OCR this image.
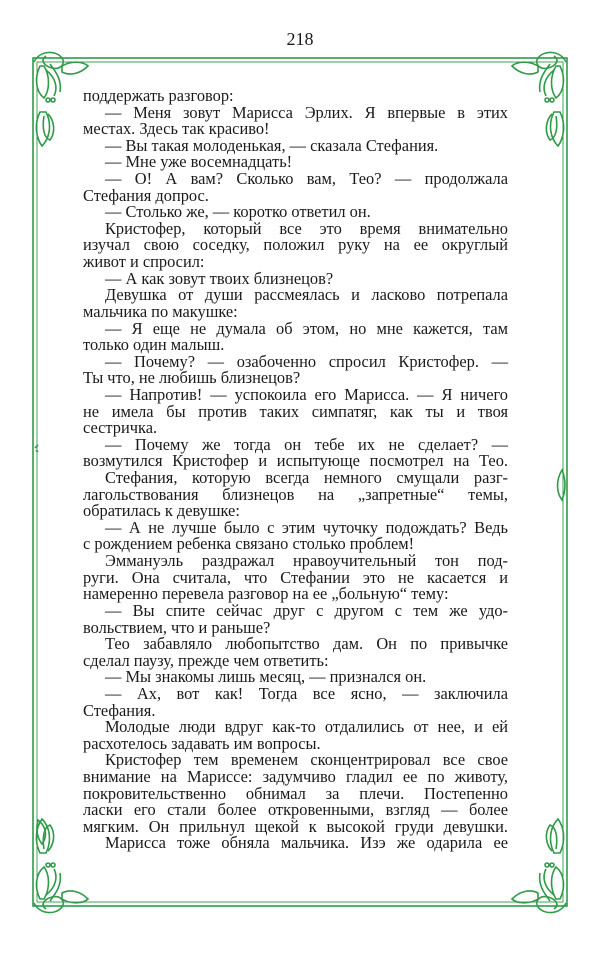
218
поддержать разговор:
— Меня зовут Марисса Эрлих. Я впервые в этих
местах. Здесь так красиво!
— Вы такая молоденькая, — сказала Стефания.
— Мне уже восемнадцать!
— О! А вам? Сколько вам, Тео? — продолжала
Стефания допрос.
— Столько же, — коротко ответил он.
Кристофер, который все это время внимательно
изучал свою соседку, положил руку на ее округлый
живот и спросил:
— А как зовут твоих близнецов?
Девушка от души рассмеялась и ласково потрепала
мальчика по макушке:
— Я еще не думала об этом, но мне кажется, там
только один малыш.
— Почему? — озабоченно спросил Кристофер. —
Ты что, не любишь близнецов?
— Напротив! — успокоила его Марисса. — Я ничего
не имела бы против таких симпатяг, как ты и твоя
сестричка.
— Почему же тогда он тебе их не сделает? —
возмутился Кристофер и испытующе посмотрел на Тео.
Стефания, которую всегда немного смущали разг-
лагольствования близнецов на „запретные“ темы,
обратилась к девушке:
— А не лучше было с этим чуточку подождать? Ведь
с рождением ребенка связано столько проблем!
Эммануэль раздражал нравоучительный тон под-
руги. Она считала, что Стефании это не касается и
намеренно перевела разговор на ее „больную“ тему:
— Вы спите сейчас друг с другом с тем же удо-
вольствием, что и раньше?
Тео забавляло любопытство дам. Он по привычке
сделал паузу, прежде чем ответить:
— Мы знакомы лишь месяц, — признался он.
— Ах, вот как! Тогда все ясно, — заключила
Стефания.
Молодые люди вдруг как-то отдалились от нее, и ей
расхотелось задавать им вопросы.
Кристофер тем временем сконцентрировал все свое
внимание на Мариссе: задумчиво гладил ее по животу,
покровительственно обнимал за плечи. Постепенно
ласки его стали более откровенными, взгляд — более
мягким. Он прильнул щекой к высокой груди девушки.
Марисса тоже обняла мальчика. Изэ же одарила ее
